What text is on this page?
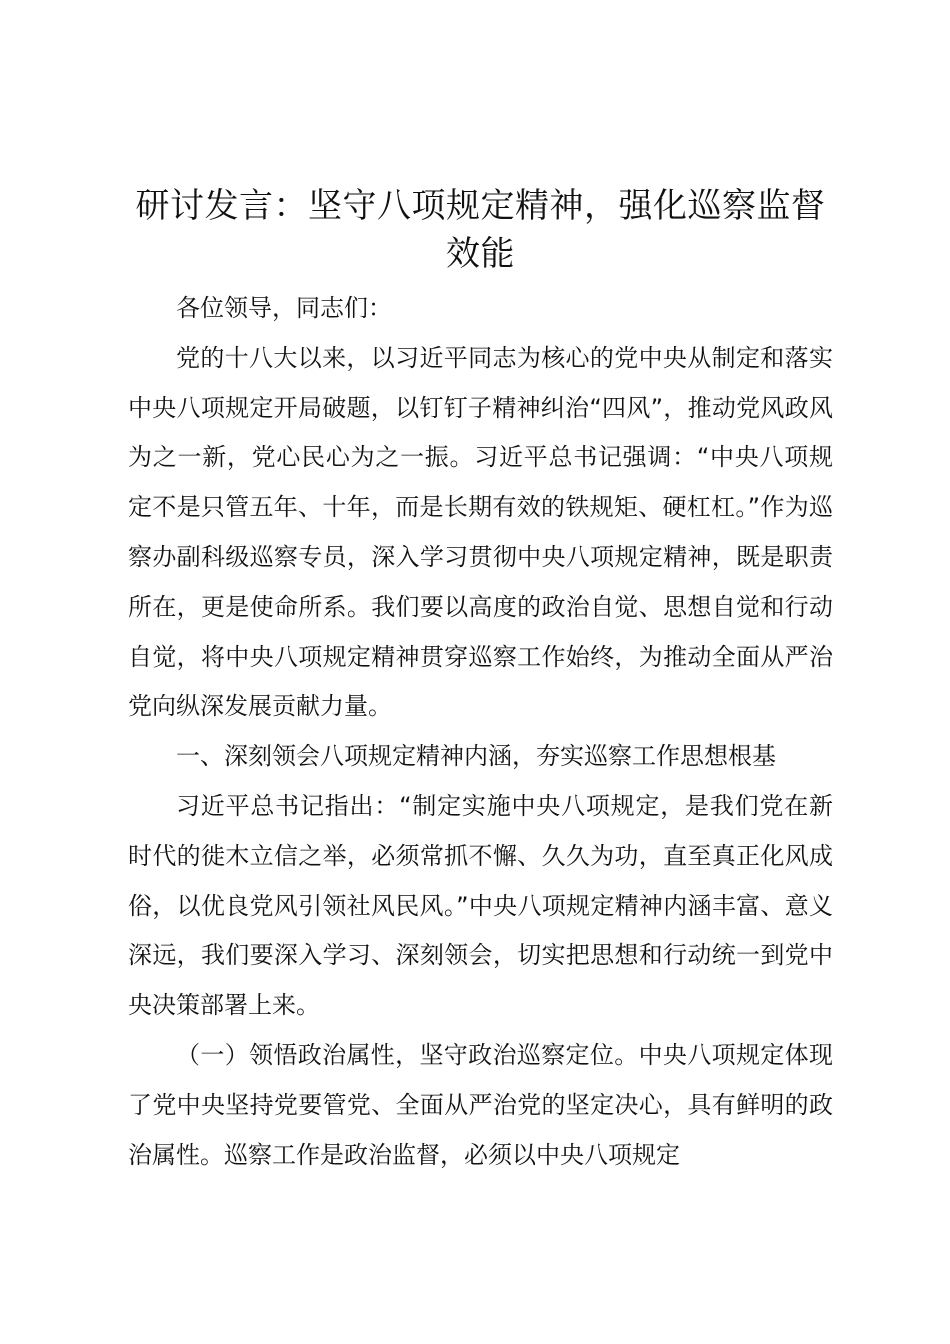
研讨发言：坚守八项规定精神，强化巡察监督
效能

各位领导，同志们：

党的十八大以来，以习近平同志为核心的党中央从制定和落实中央八项规定开局破题，以钉钉子精神纠治“四风”，推动党风政风为之一新，党心民心为之一振。习近平总书记强调：“中央八项规定不是只管五年、十年，而是长期有效的铁规矩、硬杠杠。”作为巡察办副科级巡察专员，深入学习贯彻中央八项规定精神，既是职责所在，更是使命所系。我们要以高度的政治自觉、思想自觉和行动自觉，将中央八项规定精神贯穿巡察工作始终，为推动全面从严治党向纵深发展贡献力量。

一、深刻领会八项规定精神内涵，夯实巡察工作思想根基

习近平总书记指出：“制定实施中央八项规定，是我们党在新时代的徙木立信之举，必须常抓不懈、久久为功，直至真正化风成俗，以优良党风引领社风民风。”中央八项规定精神内涵丰富、意义深远，我们要深入学习、深刻领会，切实把思想和行动统一到党中央决策部署上来。

（一）领悟政治属性，坚守政治巡察定位。中央八项规定体现了党中央坚持党要管党、全面从严治党的坚定决心，具有鲜明的政治属性。巡察工作是政治监督，必须以中央八项规定
